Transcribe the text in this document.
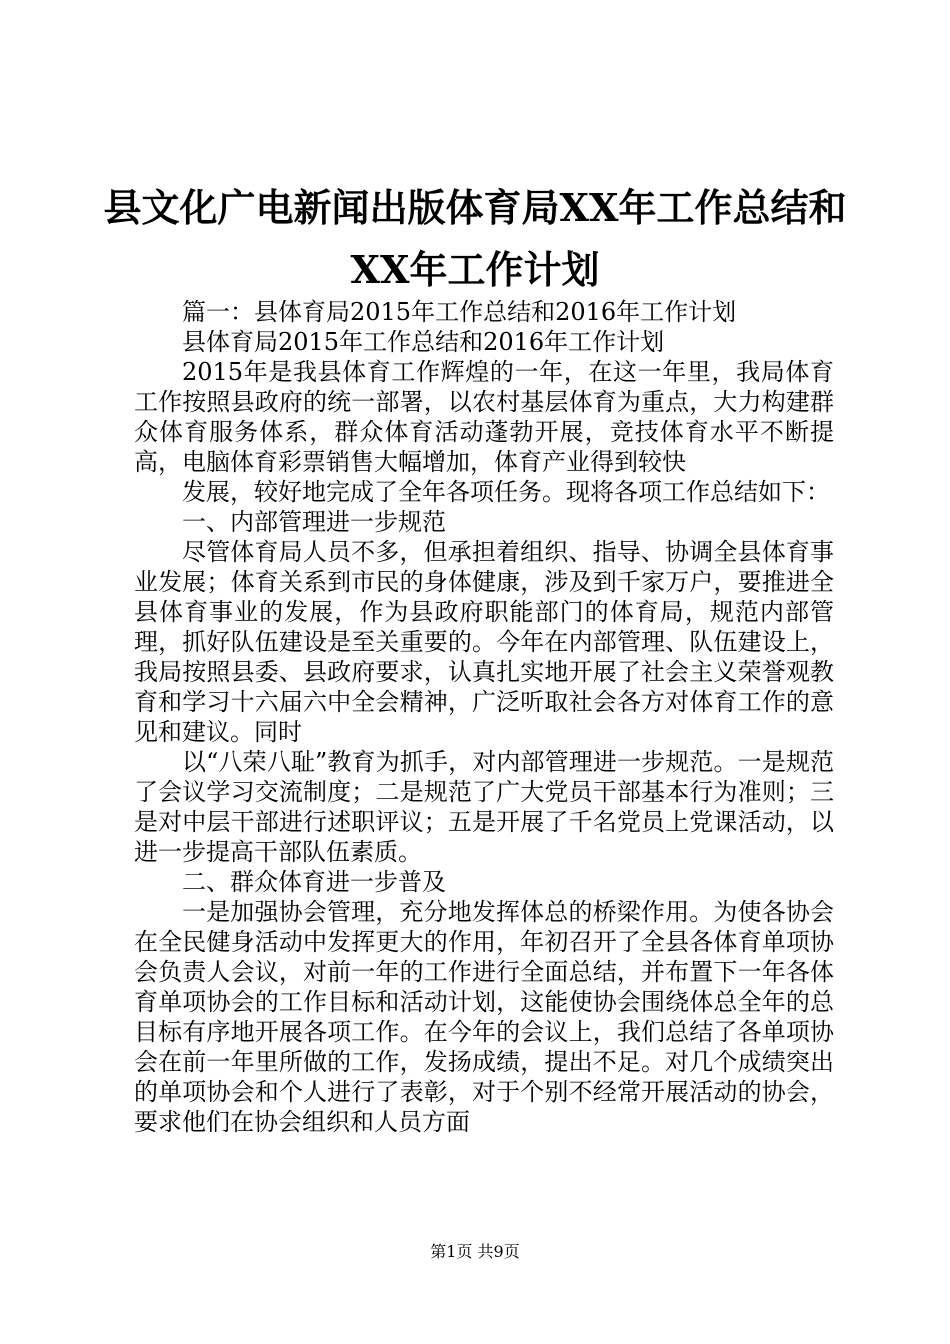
县文化广电新闻出版体育局XX年工作总结和
XX年工作计划

篇一：县体育局2015年工作总结和2016年工作计划

县体育局2015年工作总结和2016年工作计划

2015年是我县体育工作辉煌的一年，在这一年里，我局体育工作按照县政府的统一部署，以农村基层体育为重点，大力构建群众体育服务体系，群众体育活动蓬勃开展，竞技体育水平不断提高，电脑体育彩票销售大幅增加，体育产业得到较快

发展，较好地完成了全年各项任务。现将各项工作总结如下：

一、内部管理进一步规范

尽管体育局人员不多，但承担着组织、指导、协调全县体育事业发展；体育关系到市民的身体健康，涉及到千家万户，要推进全县体育事业的发展，作为县政府职能部门的体育局，规范内部管理，抓好队伍建设是至关重要的。今年在内部管理、队伍建设上，我局按照县委、县政府要求，认真扎实地开展了社会主义荣誉观教育和学习十六届六中全会精神，广泛听取社会各方对体育工作的意见和建议。同时

以“八荣八耻”教育为抓手，对内部管理进一步规范。一是规范了会议学习交流制度；二是规范了广大党员干部基本行为准则；三是对中层干部进行述职评议；五是开展了千名党员上党课活动，以进一步提高干部队伍素质。

二、群众体育进一步普及

一是加强协会管理，充分地发挥体总的桥梁作用。为使各协会在全民健身活动中发挥更大的作用，年初召开了全县各体育单项协会负责人会议，对前一年的工作进行全面总结，并布置下一年各体育单项协会的工作目标和活动计划，这能使协会围绕体总全年的总目标有序地开展各项工作。在今年的会议上，我们总结了各单项协会在前一年里所做的工作，发扬成绩，提出不足。对几个成绩突出的单项协会和个人进行了表彰，对于个别不经常开展活动的协会，要求他们在协会组织和人员方面

第1页 共9页
